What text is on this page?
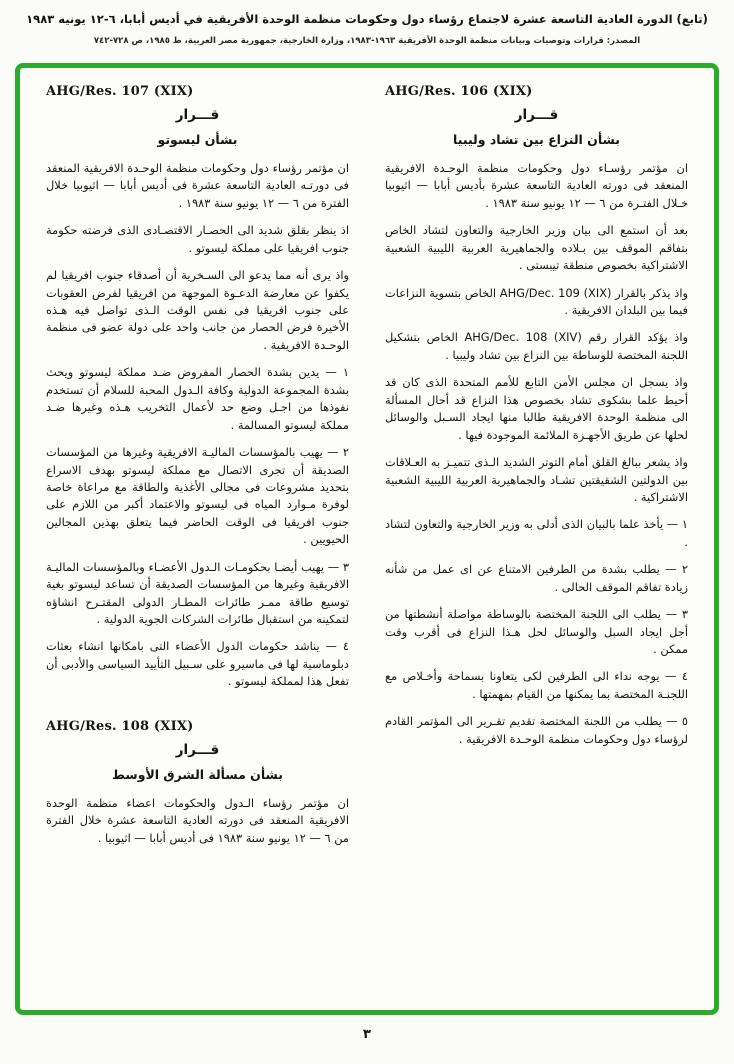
(تابع) الدورة العادية التاسعة عشرة لاجتماع رؤساء دول وحكومات منظمة الوحدة الأفريقية في أديس أبابا، ٦-١٢ يونيه ١٩٨٣
المصدر: قرارات وتوصيات وبيانات منظمة الوحدة الأفريقية ١٩٦٣-١٩٨٣، وزارة الخارجية، جمهورية مصر العربية، ط ١٩٨٥، ص ٧٢٨-٧٤٢
AHG/Res. 106 (XIX)
قـــرار
بشأن النزاع بين تشاد وليبيا

ان مؤتمر رؤسـاء دول وحكومات منظمة الوحـدة الافريقية المنعقد فى دورته العادية التاسعة عشرة بأديس أبابا — اثيوبيا خـلال الفتـرة من ٦ — ١٢ يونيو سنة ١٩٨٣ .

بعد أن استمع الى بيان وزير الخارجية والتعاون لتشاد الخاص بتفاقم الموقف بين بـلاده والجماهيرية العربية الليبية الشعبية الاشتراكية بخصوص منطقة تيبستى .

واذ يذكر بالقرار AHG/Dec. 109 (XIX) الخاص بتسوية النزاعات فيما بين البلدان الافريقية .

واذ يؤكد القرار رقم AHG/Dec. 108 (XIV) الخاص بتشكيل اللجنة المختصة للوساطة بين النزاع بين تشاد وليبيا .

واذ يسجل ان مجلس الأمن التابع للأمم المتحدة الذى كان قد أحيط علما بشكوى تشاد بخصوص هذا النزاع قد أحال المسألة الى منظمة الوحدة الافريقية طالبا منها ايجاد السـبل والوسائل لحلها عن طريق الأجهـزة الملائمة الموجودة فيها .

واذ يشعر ببالغ القلق أمام التوتر الشديد الـذى تتميـز به العـلاقات بين الدولتين الشقيقتين تشـاد والجماهيرية العربية الليبية الشعبية الاشتراكية .

١ — يأخذ علما بالبيان الذى أدلى به وزير الخارجية والتعاون لتشاد .

٢ — يطلب بشدة من الطرفين الامتناع عن اى عمل من شأنه زيادة تفاقم الموقف الحالى .

٣ — يطلب الى اللجنة المختصة بالوساطة مواصلة أنشطتها من أجل ايجاد السبل والوسائل لحل هـذا النزاع فى أقرب وقت ممكن .

٤ — يوجه نداء الى الطرفين لكى يتعاونا بسماحة وأخـلاص مع اللجنـة المختصة بما يمكنها من القيام بمهمتها .

٥ — يطلب من اللجنة المختصة تقديم تقـرير الى المؤتمر القادم لرؤساء دول وحكومات منظمة الوحـدة الافريقية .

AHG/Res. 107 (XIX)
قـــرار
بشأن ليسوتو

ان مؤتمر رؤساء دول وحكومات منظمة الوحـدة الافريقية المنعقد فى دورتـه العادية التاسعة عشرة فى أديس أبابا — اثيوبيا خلال الفترة من ٦ — ١٢ يونيو سنة ١٩٨٣ .

اذ ينظر بقلق شديد الى الحصـار الاقتصـادى الذى فرضته حكومة جنوب افريقيا على مملكة ليسوتو .

واذ يرى أنه مما يدعو الى السـخرية أن أصدقاء جنوب افريقيا لم يكفوا عن معارضة الدعـوة الموجهة من افريقيا لفرض العقوبات على جنوب افريقيا فى نفس الوقت الـذى تواصل فيه هـذه الأخيرة فرض الحصار من جانب واحد على دولة عضو فى منظمة الوحـدة الافريقية .

١ — يدين بشدة الحصار المفروض ضـد مملكة ليسوتو ويحث بشدة المجموعة الدولية وكافة الـدول المحبة للسلام أن تستخدم نفوذها من اجـل وضع حد لأعمال التخريب هـذه وغيرها ضـد مملكة ليسوتو المسالمة .

٢ — يهيب بالمؤسسات الماليـة الافريقية وغيرها من المؤسسات الصديقة أن تجرى الاتصال مع مملكة ليسوتو بهدف الاسراع بتحديد مشروعات فى مجالى الأغذية والطاقة مع مراعاة خاصة لوفرة مـوارد المياه فى ليسوتو والاعتماد أكبر من اللازم على جنوب افريقيا فى الوقت الحاضر فيما يتعلق بهذين المجالين الحيويين .

٣ — يهيب أيضـا بحكومـات الـدول الأعضـاء وبالمؤسسات الماليـة الافريقية وغيرها من المؤسسات الصديقة أن تساعد ليسوتو بغية توسيع طاقة ممـر طائرات المطـار الدولى المقتـرح انشاؤه لتمكينه من استقبال طائرات الشركات الجوية الدولية .

٤ — يناشد حكومات الدول الأعضاء التى بامكانها انشاء بعثات دبلوماسية لها فى ماسيرو على سـبيل التأييد السياسى والأدبى أن تفعل هذا لمملكة ليسوتو .

AHG/Res. 108 (XIX)
قـــرار
بشأن مسألة الشرق الأوسط

ان مؤتمر رؤساء الـدول والحكومات اعضاء منظمة الوحدة الافريقية المنعقد فى دورته العادية التاسعة عشرة خلال الفترة من ٦ — ١٢ يونيو سنة ١٩٨٣ فى أديس أبابا — اثيوبيا .

٣
